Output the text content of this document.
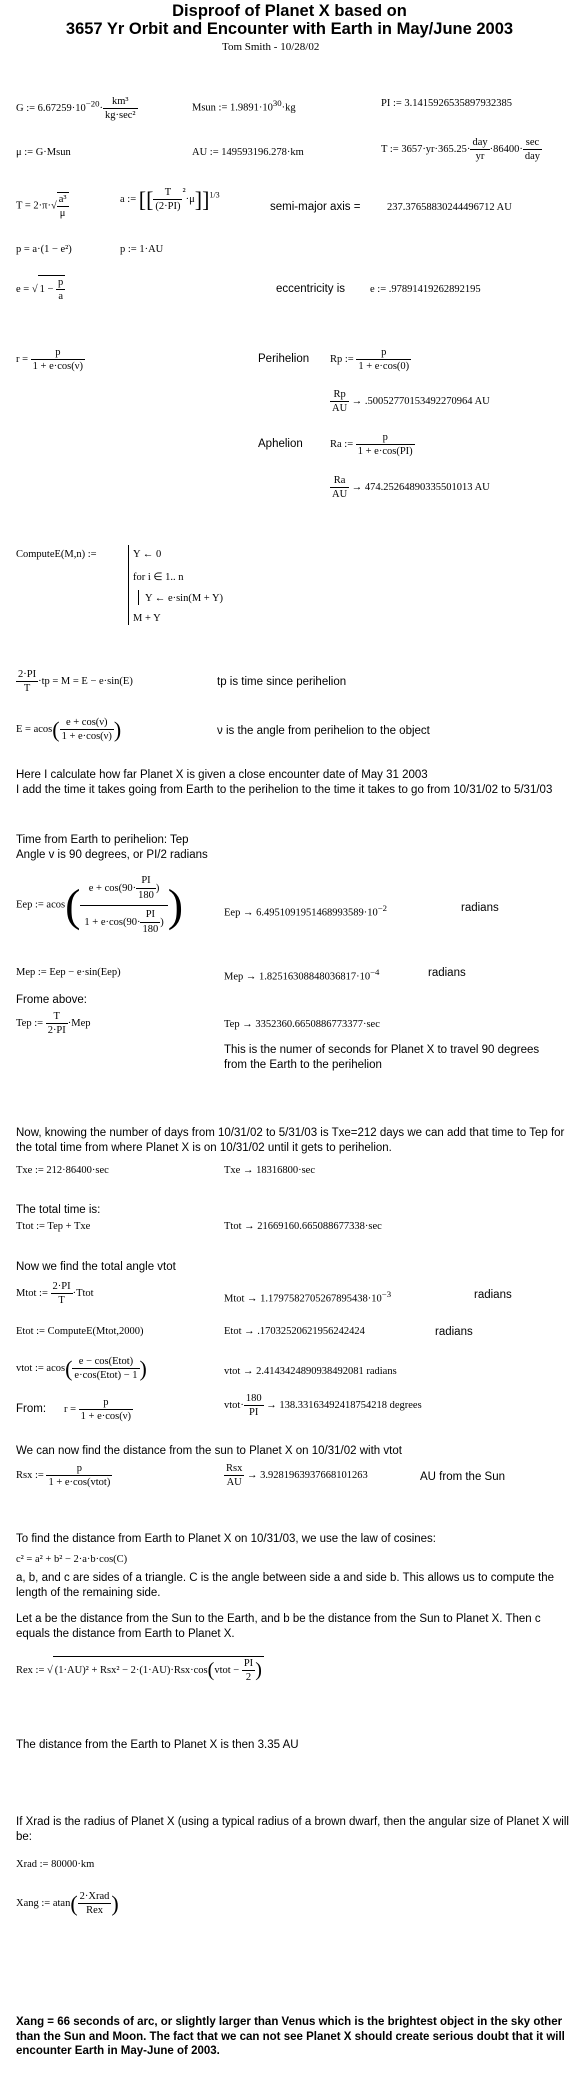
Disproof of Planet X based on
3657 Yr Orbit and Encounter with Earth in May/June 2003
Tom Smith - 10/28/02
G := $6.67259\cdot 10^{-20}\cdot \frac{\text{km³}}{\text{kg·sec²}}$	Msun := $1.9891\cdot 10^{30}\cdot kg$	PI := 3.1415926535897932385
μ := G·Msun	AU := 149593196.278·km	T := $3657\cdot yr\cdot 365.25\cdot \frac{\text{day}}{yr} \cdot 86400\cdot \frac{\sec}{\text{day}}$
$T = 2\cdot\pi\cdot√ \frac{\text{a³}}{\mu}$	a := [[ $\frac{T}{(2\cdot PI)} ^2\cdot\mu]]^{1/3}$
semi-major axis =	237.37658830244496712 AU
p = a·(1 − e²)	p := 1·AU
e = √ $1 - \frac{p}{a}$	eccentricity is e := .97891419262892195
$r = \frac{p}{1 + e\cdot\cos(\nu)}$	Perihelion Rp := $\frac{p}{1 + e\cdot\cos(0)}$
$\frac{Rp}{AU}$ → .500527701534922709​64 AU
Aphelion	Ra := $\frac{p}{1 + e\cdot\cos(PI)}$
$\frac{Ra}{AU} \to 474.25264890335501013$ AU
ComputeE(M,n) :=	Y ← 0
for i ∈ 1.. n
Y ← e·sin(M + Y)
M + Y
$\frac{2\cdot PI}{T} \cdot tp = M = E - e\cdot\sin(E)$	tp is time since perihelion
$E = acos( \frac{e + \cos(\nu)}{1 + e\cdot\cos(\nu)}$ )	ν is the angle from perihelion to the object
Here I calculate how far Planet X is given a close encounter date of May 31 2003
I add the time it takes going from Earth to the perihelion to the time it takes to go from 10/31/02 to 5/31/03
Time from Earth to perihelion: Tep
Angle v is 90 degrees, or PI/2 radians
Eep := $acos( \frac{e + \cos(90\cdot \frac{PI}{180} )}{1 + e\cdot\cos(90\cdot \frac{PI}{180} )}$ )	Eep → $6.4951091951468993589\cdot 10^{-2}$	radians
Mep := Eep − e·sin(Eep)	Mep → $1.8251630884803681​7\cdot 10^{-4}$	radians
Frome above:
Tep := $\frac{T}{2\cdot PI} \cdot Mep$	Tep → 3352360.665088677​3377·sec
This is the numer of seconds for Planet X to travel 90 degrees from the Earth to the perihelion
Now, knowing the number of days from 10/31/02 to 5/31/03 is Txe=212 days we can add that time to Tep for the total time from where Planet X is on 10/31/02 until it gets to perihelion.
Txe := 212·86400·sec	Txe → 18316800·sec
The total time is:
Ttot := Tep + Txe	Ttot → 21669160.665088677338·sec
Now we find the total angle vtot
Mtot := $\frac{2\cdot PI}{T}$ ·Ttot
Mtot → $1.1797582705267895438\cdot 10^{-3}$	radians
Etot := ComputeE(Mtot,2000)	Etot → .17032520621956242424	radians
vtot := $acos( \frac{\text{e − cos(Etot)}}{\text{e·cos(Etot) − 1}}$ )	vtot → 2.4143424890938492081 radians
vtot· $\frac{180}{PI} \to 138.33163492418754218$ degrees
From: $r = \frac{p}{1 + e\cdot\cos(\nu)}$
We can now find the distance from the sun to Planet X on 10/31/02 with vtot
Rsx := $\frac{p}{\text{1 + e·cos(vtot)}}$	$\frac{\text{Rsx}}{AU} \to 3.9281963937668101263$	AU from the Sun
To find the distance from Earth to Planet X on 10/31/03, we use the law of cosines:
c² = a² + b² − 2·a·b·cos(C)
a, b, and c are sides of a triangle. C is the angle between side a and side b. This allows us to compute the length of the remaining side.
Let a be the distance from the Sun to the Earth, and b be the distance from the Sun to Planet X. Then c equals the distance from Earth to Planet X.
Rex := √ (1·AU)² + Rsx² − 2·(1·AU)·Rsx·cos(vtot − $\frac{PI}{2}$ )
The distance from the Earth to Planet X is then 3.35 AU
If Xrad is the radius of Planet X (using a typical radius of a brown dwarf, then the angular size of Planet X will be:
Xrad := 80000·km
Xang := $atan( \frac{\text{2·Xrad}}{\text{Rex}}$ )
Xang = 66 seconds of arc, or slightly larger than Venus which is the brightest object in the sky other than the Sun and Moon. The fact that we can not see Planet X should create serious doubt that it will encounter Earth in May-June of 2003.
